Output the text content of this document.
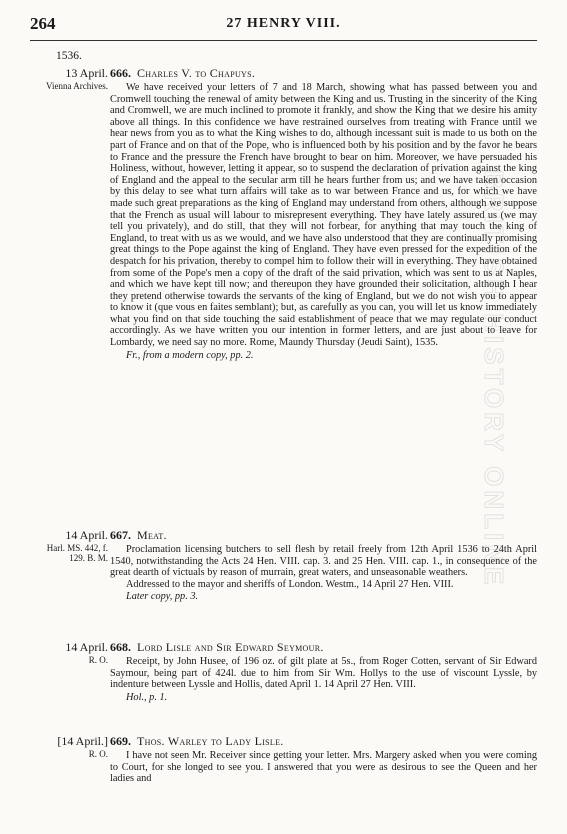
264	27 HENRY VIII.
1536.
13 April.
Vienna Archives.
666. Charles V. to Chapuys.

We have received your letters of 7 and 18 March, showing what has passed between you and Cromwell touching the renewal of amity between the King and us. Trusting in the sincerity of the King and Cromwell, we are much inclined to promote it frankly, and show the King that we desire his amity above all things. In this confidence we have restrained ourselves from treating with France until we hear news from you as to what the King wishes to do, although incessant suit is made to us both on the part of France and on that of the Pope, who is influenced both by his position and by the favor he bears to France and the pressure the French have brought to bear on him. Moreover, we have persuaded his Holiness, without, however, letting it appear, so to suspend the declaration of privation against the king of England and the appeal to the secular arm till he hears further from us; and we have taken occasion by this delay to see what turn affairs will take as to war between France and us, for which we have made such great preparations as the king of England may understand from others, although we suppose that the French as usual will labour to misrepresent everything. They have lately assured us (we may tell you privately), and do still, that they will not forbear, for anything that may touch the king of England, to treat with us as we would, and we have also understood that they are continually promising great things to the Pope against the king of England. They have even pressed for the expedition of the despatch for his privation, thereby to compel him to follow their will in everything. They have obtained from some of the Pope's men a copy of the draft of the said privation, which was sent to us at Naples, and which we have kept till now; and thereupon they have grounded their solicitation, although I hear they pretend otherwise towards the servants of the king of England, but we do not wish you to appear to know it (que vous en faites semblant); but, as carefully as you can, you will let us know immediately what you find on that side touching the said establishment of peace that we may regulate our conduct accordingly. As we have written you our intention in former letters, and are just about to leave for Lombardy, we need say no more. Rome, Maundy Thursday (Jeudi Saint), 1535.

Fr., from a modern copy, pp. 2.
14 April.
Harl. MS. 442, f. 129. B. M.
667. Meat.

Proclamation licensing butchers to sell flesh by retail freely from 12th April 1536 to 24th April 1540, notwithstanding the Acts 24 Hen. VIII. cap. 3. and 25 Hen. VIII. cap. 1., in consequence of the great dearth of victuals by reason of murrain, great waters, and unseasonable weathers.

Addressed to the mayor and sheriffs of London. Westm., 14 April 27 Hen. VIII.

Later copy, pp. 3.
14 April.
R. O.
668. Lord Lisle and Sir Edward Seymour.

Receipt, by John Husee, of 196 oz. of gilt plate at 5s., from Roger Cotten, servant of Sir Edward Saymour, being part of 424l. due to him from Sir Wm. Hollys to the use of viscount Lyssle, by indenture between Lyssle and Hollis, dated April 1. 14 April 27 Hen. VIII.

Hol., p. 1.
[14 April.]
R. O.
669. Thos. Warley to Lady Lisle.

I have not seen Mr. Receiver since getting your letter. Mrs. Margery asked when you were coming to Court, for she longed to see you. I answered that you were as desirous to see the Queen and her ladies and

BRITISH HISTORY ONLINE
